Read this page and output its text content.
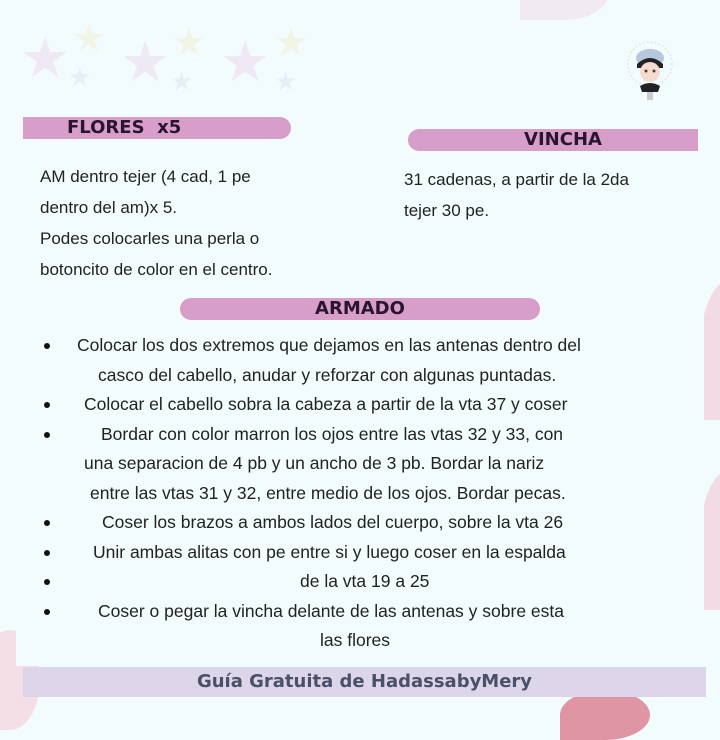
★ ★
★ ★ ★
★ ★ ★
★
FLORES  x5
AM dentro tejer (4 cad, 1 pe
dentro del am)x 5.
Podes colocarles una perla o
botoncito de color en el centro.
VINCHA
31 cadenas, a partir de la 2da
tejer 30 pe.
ARMADO
Colocar los dos extremos que dejamos en las antenas dentro del
casco del cabello, anudar y reforzar con algunas puntadas.
Colocar el cabello sobra la cabeza a partir de la vta 37 y coser
Bordar con color marron los ojos entre las vtas 32 y 33, con
una separacion de 4 pb y un ancho de 3 pb. Bordar la nariz
entre las vtas 31 y 32, entre medio de los ojos. Bordar pecas.
Coser los brazos a ambos lados del cuerpo, sobre la vta 26
Unir ambas alitas con pe entre si y luego coser en la espalda
de la vta 19 a 25
Coser o pegar la vincha delante de las antenas y sobre esta
las flores
Guía Gratuita de HadassabyMery
